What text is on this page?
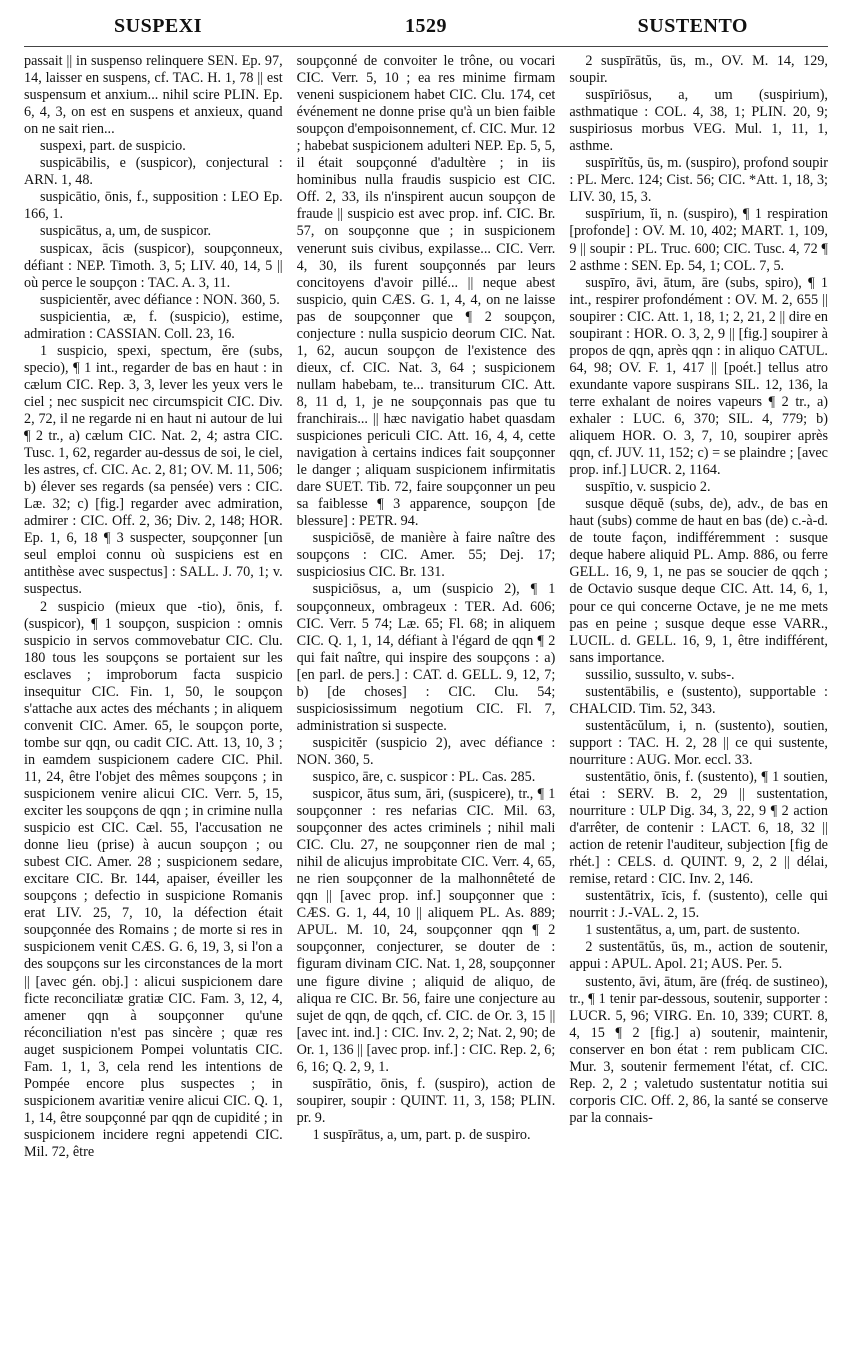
SUSPEXI	1529	SUSTENTO

passait || in suspenso relinquere SEN. Ep. 97, 14, laisser en suspens, cf. TAC. H. 1, 78 || est suspensum et anxium... nihil scire PLIN. Ep. 6, 4, 3, on est en suspens et anxieux, quand on ne sait rien...

suspexi, part. de suspicio.

suspicābilis, e (suspicor), conjectural : ARN. 1, 48.

suspicātio, ōnis, f., supposition : LEO Ep. 166, 1.

suspicātus, a, um, de suspicor.

suspicax, ācis (suspicor), soupçonneux, défiant : NEP. Timoth. 3, 5; LIV. 40, 14, 5 || où perce le soupçon : TAC. A. 3, 11.

suspicientĕr, avec défiance : NON. 360, 5.

suspicientia, æ, f. (suspicio), estime, admiration : CASSIAN. Coll. 23, 16.

1 suspicio, spexi, spectum, ĕre (subs, specio), ¶ 1 int., regarder de bas en haut : in cælum CIC. Rep. 3, 3, lever les yeux vers le ciel ; nec suspicit nec circumspicit CIC. Div. 2, 72, il ne regarde ni en haut ni autour de lui ¶ 2 tr., a) cælum CIC. Nat. 2, 4; astra CIC. Tusc. 1, 62, regarder au-dessus de soi, le ciel, les astres, cf. CIC. Ac. 2, 81; OV. M. 11, 506; b) élever ses regards (sa pensée) vers : CIC. Læ. 32; c) [fig.] regarder avec admiration, admirer : CIC. Off. 2, 36; Div. 2, 148; HOR. Ep. 1, 6, 18 ¶ 3 suspecter, soupçonner [un seul emploi connu où suspiciens est en antithèse avec suspectus] : SALL. J. 70, 1; v. suspectus.

2 suspicio (mieux que -tio), ōnis, f. (suspicor), ¶ 1 soupçon, suspicion : omnis suspicio in servos commovebatur CIC. Clu. 180 tous les soupçons se portaient sur les esclaves ; improborum facta suspicio insequitur CIC. Fin. 1, 50, le soupçon s'attache aux actes des méchants ; in aliquem convenit CIC. Amer. 65, le soupçon porte, tombe sur qqn, ou cadit CIC. Att. 13, 10, 3 ; in eamdem suspicionem cadere CIC. Phil. 11, 24, être l'objet des mêmes soupçons ; in suspicionem venire alicui CIC. Verr. 5, 15, exciter les soupçons de qqn ; in crimine nulla suspicio est CIC. Cæl. 55, l'accusation ne donne lieu (prise) à aucun soupçon ; ou subest CIC. Amer. 28 ; suspicionem sedare, excitare CIC. Br. 144, apaiser, éveiller les soupçons ; defectio in suspicione Romanis erat LIV. 25, 7, 10, la défection était soupçonnée des Romains ; de morte si res in suspicionem venit CÆS. G. 6, 19, 3, si l'on a des soupçons sur les circonstances de la mort || [avec gén. obj.] : alicui suspicionem dare ficte reconciliatæ gratiæ CIC. Fam. 3, 12, 4, amener qqn à soupçonner qu'une réconciliation n'est pas sincère ; quæ res auget suspicionem Pompei voluntatis CIC. Fam. 1, 1, 3, cela rend les intentions de Pompée encore plus suspectes ; in suspicionem avaritiæ venire alicui CIC. Q. 1, 1, 14, être soupçonné par qqn de cupidité ; in suspicionem incidere regni appetendi CIC. Mil. 72, être

soupçonné de convoiter le trône, ou vocari CIC. Verr. 5, 10 ; ea res minime firmam veneni suspicionem habet CIC. Clu. 174, cet événement ne donne prise qu'à un bien faible soupçon d'empoisonnement, cf. CIC. Mur. 12 ; habebat suspicionem adulteri NEP. Ep. 5, 5, il était soupçonné d'adultère ; in iis hominibus nulla fraudis suspicio est CIC. Off. 2, 33, ils n'inspirent aucun soupçon de fraude || suspicio est avec prop. inf. CIC. Br. 57, on soupçonne que ; in suspicionem venerunt suis civibus, expilasse... CIC. Verr. 4, 30, ils furent soupçonnés par leurs concitoyens d'avoir pillé... || neque abest suspicio, quin CÆS. G. 1, 4, 4, on ne laisse pas de soupçonner que ¶ 2 soupçon, conjecture : nulla suspicio deorum CIC. Nat. 1, 62, aucun soupçon de l'existence des dieux, cf. CIC. Nat. 3, 64 ; suspicionem nullam habebam, te... transiturum CIC. Att. 8, 11 d, 1, je ne soupçonnais pas que tu franchirais... || hæc navigatio habet quasdam suspiciones periculi CIC. Att. 16, 4, 4, cette navigation à certains indices fait soupçonner le danger ; aliquam suspicionem infirmitatis dare SUET. Tib. 72, faire soupçonner un peu sa faiblesse ¶ 3 apparence, soupçon [de blessure] : PETR. 94.

suspiciōsē, de manière à faire naître des soupçons : CIC. Amer. 55; Dej. 17; suspiciosius CIC. Br. 131.

suspiciōsus, a, um (suspicio 2), ¶ 1 soupçonneux, ombrageux : TER. Ad. 606; CIC. Verr. 5 74; Læ. 65; Fl. 68; in aliquem CIC. Q. 1, 1, 14, défiant à l'égard de qqn ¶ 2 qui fait naître, qui inspire des soupçons : a) [en parl. de pers.] : CAT. d. GELL. 9, 12, 7; b) [de choses] : CIC. Clu. 54; suspiciosissimum negotium CIC. Fl. 7, administration si suspecte.

suspicitĕr (suspicio 2), avec défiance : NON. 360, 5.

suspico, āre, c. suspicor : PL. Cas. 285.

suspicor, ātus sum, āri, (suspicere), tr., ¶ 1 soupçonner : res nefarias CIC. Mil. 63, soupçonner des actes criminels ; nihil mali CIC. Clu. 27, ne soupçonner rien de mal ; nihil de alicujus improbitate CIC. Verr. 4, 65, ne rien soupçonner de la malhonnêteté de qqn || [avec prop. inf.] soupçonner que : CÆS. G. 1, 44, 10 || aliquem PL. As. 889; APUL. M. 10, 24, soupçonner qqn ¶ 2 soupçonner, conjecturer, se douter de : figuram divinam CIC. Nat. 1, 28, soupçonner une figure divine ; aliquid de aliquo, de aliqua re CIC. Br. 56, faire une conjecture au sujet de qqn, de qqch, cf. CIC. de Or. 3, 15 || [avec int. ind.] : CIC. Inv. 2, 2; Nat. 2, 90; de Or. 1, 136 || [avec prop. inf.] : CIC. Rep. 2, 6; 6, 16; Q. 2, 9, 1.

suspīrātio, ōnis, f. (suspiro), action de soupirer, soupir : QUINT. 11, 3, 158; PLIN. pr. 9.

1 suspīrātus, a, um, part. p. de suspiro.

2 suspīrātŭs, ūs, m., OV. M. 14, 129, soupir.

suspīriōsus, a, um (suspirium), asthmatique : COL. 4, 38, 1; PLIN. 20, 9; suspiriosus morbus VEG. Mul. 1, 11, 1, asthme.

suspīrĭtŭs, ūs, m. (suspiro), profond soupir : PL. Merc. 124; Cist. 56; CIC. *Att. 1, 18, 3; LIV. 30, 15, 3.

suspīrium, ĭi, n. (suspiro), ¶ 1 respiration [profonde] : OV. M. 10, 402; MART. 1, 109, 9 || soupir : PL. Truc. 600; CIC. Tusc. 4, 72 ¶ 2 asthme : SEN. Ep. 54, 1; COL. 7, 5.

suspīro, āvi, ātum, āre (subs, spiro), ¶ 1 int., respirer profondément : OV. M. 2, 655 || soupirer : CIC. Att. 1, 18, 1; 2, 21, 2 || dire en soupirant : HOR. O. 3, 2, 9 || [fig.] soupirer à propos de qqn, après qqn : in aliquo CATUL. 64, 98; OV. F. 1, 417 || [poét.] tellus atro exundante vapore suspirans SIL. 12, 136, la terre exhalant de noires vapeurs ¶ 2 tr., a) exhaler : LUC. 6, 370; SIL. 4, 779; b) aliquem HOR. O. 3, 7, 10, soupirer après qqn, cf. JUV. 11, 152; c) = se plaindre ; [avec prop. inf.] LUCR. 2, 1164.

suspītio, v. suspicio 2.

susque dēquĕ (subs, de), adv., de bas en haut (subs) comme de haut en bas (de) c.-à-d. de toute façon, indifféremment : susque deque habere aliquid PL. Amp. 886, ou ferre GELL. 16, 9, 1, ne pas se soucier de qqch ; de Octavio susque deque CIC. Att. 14, 6, 1, pour ce qui concerne Octave, je ne me mets pas en peine ; susque deque esse VARR., LUCIL. d. GELL. 16, 9, 1, être indifférent, sans importance.

sussilio, sussulto, v. subs-.

sustentābilis, e (sustento), supportable : CHALCID. Tim. 52, 343.

sustentăcŭlum, i, n. (sustento), soutien, support : TAC. H. 2, 28 || ce qui sustente, nourriture : AUG. Mor. eccl. 33.

sustentātio, ōnis, f. (sustento), ¶ 1 soutien, étai : SERV. B. 2, 29 || sustentation, nourriture : ULP Dig. 34, 3, 22, 9 ¶ 2 action d'arrêter, de contenir : LACT. 6, 18, 32 || action de retenir l'auditeur, subjection [fig de rhét.] : CELS. d. QUINT. 9, 2, 2 || délai, remise, retard : CIC. Inv. 2, 146.

sustentātrix, īcis, f. (sustento), celle qui nourrit : J.-VAL. 2, 15.

1 sustentātus, a, um, part. de sustento.

2 sustentātŭs, ūs, m., action de soutenir, appui : APUL. Apol. 21; AUS. Per. 5.

sustento, āvi, ātum, āre (fréq. de sustineo), tr., ¶ 1 tenir par-dessous, soutenir, supporter : LUCR. 5, 96; VIRG. En. 10, 339; CURT. 8, 4, 15 ¶ 2 [fig.] a) soutenir, maintenir, conserver en bon état : rem publicam CIC. Mur. 3, soutenir fermement l'état, cf. CIC. Rep. 2, 2 ; valetudo sustentatur notitia sui corporis CIC. Off. 2, 86, la santé se conserve par la connais-
